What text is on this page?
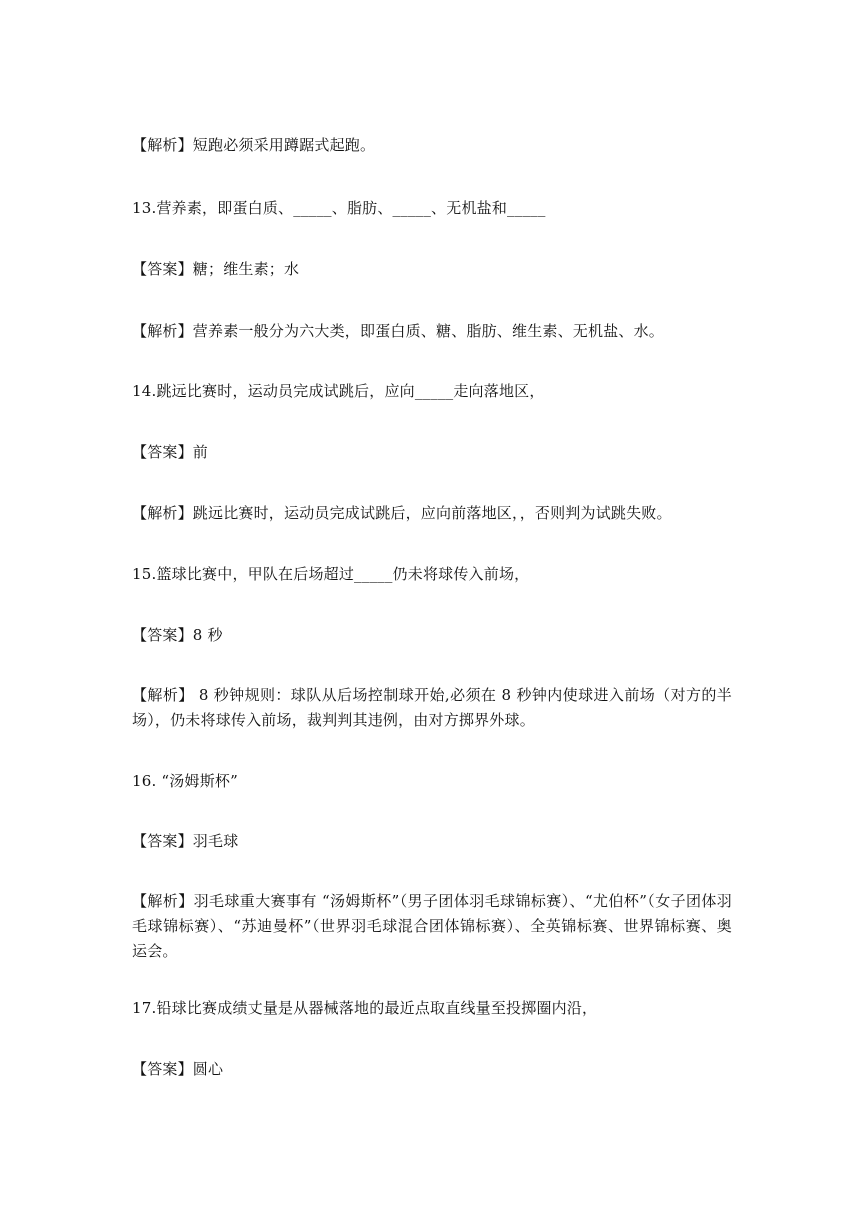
【解析】短跑必须采用蹲踞式起跑。
13.营养素，即蛋白质、_____、脂肪、_____、无机盐和_____
【答案】糖；维生素；水
【解析】营养素一般分为六大类，即蛋白质、糖、脂肪、维生素、无机盐、水。
14.跳远比赛时，运动员完成试跳后，应向_____走向落地区，
【答案】前
【解析】跳远比赛时，运动员完成试跳后，应向前落地区，，否则判为试跳失败。
15.篮球比赛中，甲队在后场超过_____仍未将球传入前场，
【答案】8 秒
【解析】 8 秒钟规则：球队从后场控制球开始,必须在 8 秒钟内使球进入前场（对方的半场），仍未将球传入前场，裁判判其违例，由对方掷界外球。
16. “汤姆斯杯”
【答案】羽毛球
【解析】羽毛球重大赛事有 “汤姆斯杯”（男子团体羽毛球锦标赛）、“尤伯杯”（女子团体羽毛球锦标赛）、“苏迪曼杯”（世界羽毛球混合团体锦标赛）、全英锦标赛、世界锦标赛、奥运会。
17.铅球比赛成绩丈量是从器械落地的最近点取直线量至投掷圈内沿，
【答案】圆心
